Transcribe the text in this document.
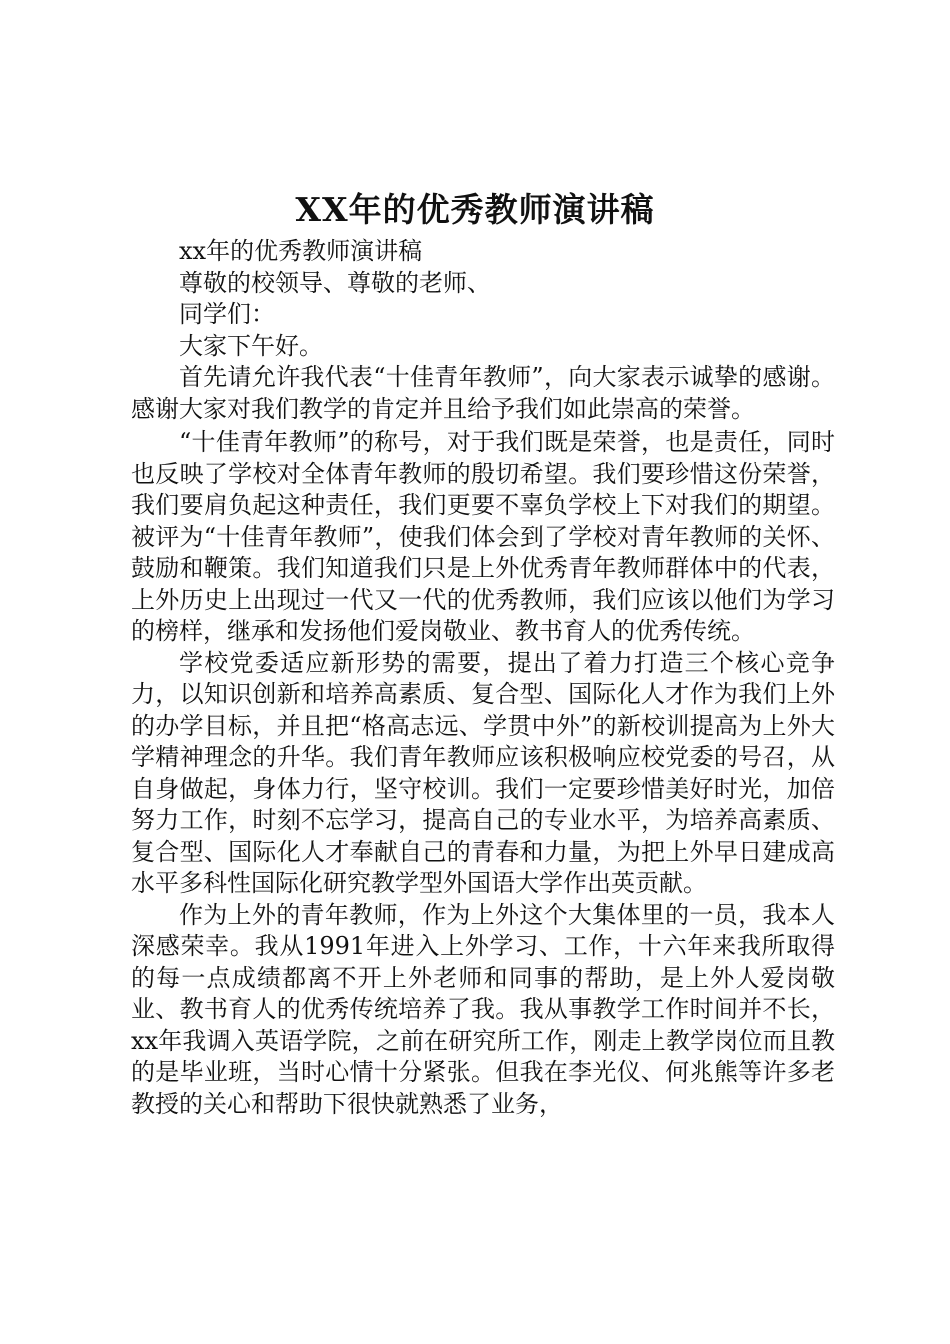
XX年的优秀教师演讲稿

xx年的优秀教师演讲稿

尊敬的校领导、尊敬的老师、

同学们：

大家下午好。

首先请允许我代表“十佳青年教师”，向大家表示诚挚的感谢。感谢大家对我们教学的肯定并且给予我们如此崇高的荣誉。

“十佳青年教师”的称号，对于我们既是荣誉，也是责任，同时也反映了学校对全体青年教师的殷切希望。我们要珍惜这份荣誉，我们要肩负起这种责任，我们更要不辜负学校上下对我们的期望。被评为“十佳青年教师”，使我们体会到了学校对青年教师的关怀、鼓励和鞭策。我们知道我们只是上外优秀青年教师群体中的代表，上外历史上出现过一代又一代的优秀教师，我们应该以他们为学习的榜样，继承和发扬他们爱岗敬业、教书育人的优秀传统。

学校党委适应新形势的需要，提出了着力打造三个核心竞争力，以知识创新和培养高素质、复合型、国际化人才作为我们上外的办学目标，并且把“格高志远、学贯中外”的新校训提高为上外大学精神理念的升华。我们青年教师应该积极响应校党委的号召，从自身做起，身体力行，坚守校训。我们一定要珍惜美好时光，加倍努力工作，时刻不忘学习，提高自己的专业水平，为培养高素质、复合型、国际化人才奉献自己的青春和力量，为把上外早日建成高水平多科性国际化研究教学型外国语大学作出英贡献。

作为上外的青年教师，作为上外这个大集体里的一员，我本人深感荣幸。我从1991年进入上外学习、工作，十六年来我所取得的每一点成绩都离不开上外老师和同事的帮助，是上外人爱岗敬业、教书育人的优秀传统培养了我。我从事教学工作时间并不长，xx年我调入英语学院，之前在研究所工作，刚走上教学岗位而且教的是毕业班，当时心情十分紧张。但我在李光仪、何兆熊等许多老教授的关心和帮助下很快就熟悉了业务，
